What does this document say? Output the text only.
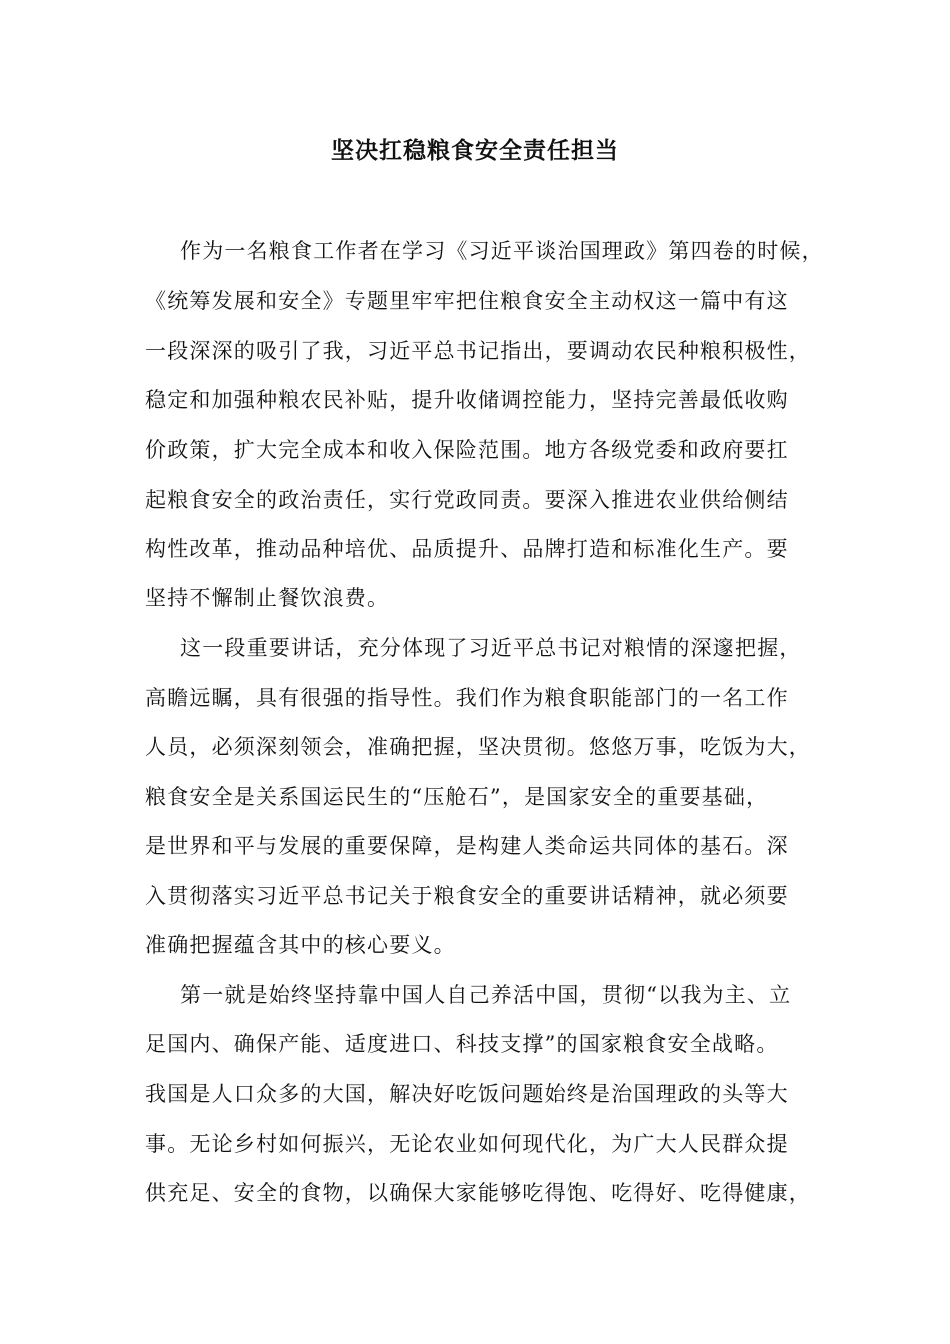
坚决扛稳粮食安全责任担当

作为一名粮食工作者在学习《习近平谈治国理政》第四卷的时候，

《统筹发展和安全》专题里牢牢把住粮食安全主动权这一篇中有这

一段深深的吸引了我，习近平总书记指出，要调动农民种粮积极性，

稳定和加强种粮农民补贴，提升收储调控能力，坚持完善最低收购

价政策，扩大完全成本和收入保险范围。地方各级党委和政府要扛

起粮食安全的政治责任，实行党政同责。要深入推进农业供给侧结

构性改革，推动品种培优、品质提升、品牌打造和标准化生产。要

坚持不懈制止餐饮浪费。

这一段重要讲话，充分体现了习近平总书记对粮情的深邃把握，

高瞻远瞩，具有很强的指导性。我们作为粮食职能部门的一名工作

人员，必须深刻领会，准确把握，坚决贯彻。悠悠万事，吃饭为大，

粮食安全是关系国运民生的“压舱石”，是国家安全的重要基础，

是世界和平与发展的重要保障，是构建人类命运共同体的基石。深

入贯彻落实习近平总书记关于粮食安全的重要讲话精神，就必须要

准确把握蕴含其中的核心要义。

第一就是始终坚持靠中国人自己养活中国，贯彻“以我为主、立

足国内、确保产能、适度进口、科技支撑”的国家粮食安全战略。

我国是人口众多的大国，解决好吃饭问题始终是治国理政的头等大

事。无论乡村如何振兴，无论农业如何现代化，为广大人民群众提

供充足、安全的食物，以确保大家能够吃得饱、吃得好、吃得健康，
